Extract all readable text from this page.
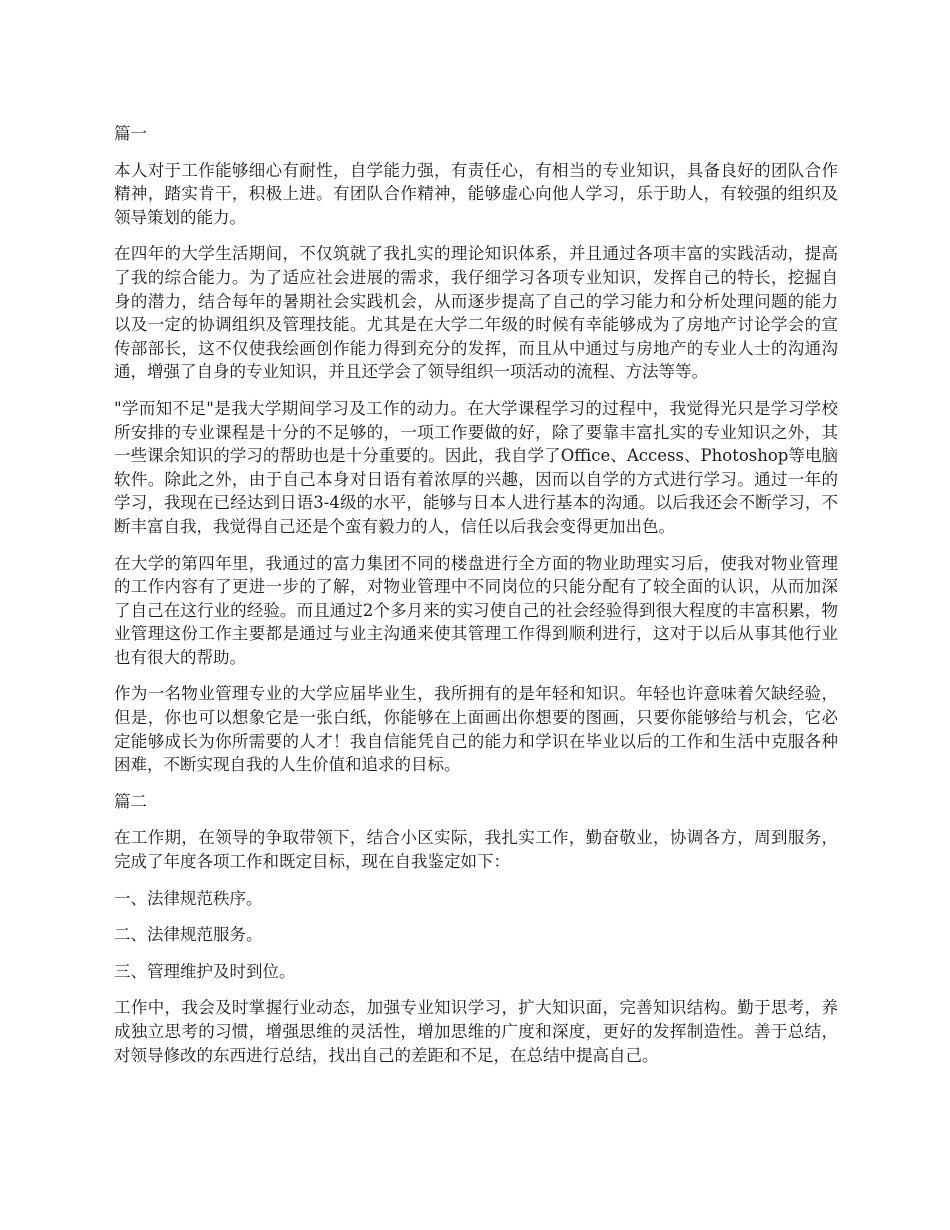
篇一

本人对于工作能够细心有耐性，自学能力强，有责任心，有相当的专业知识，具备良好的团队合作精神，踏实肯干，积极上进。有团队合作精神，能够虚心向他人学习，乐于助人，有较强的组织及领导策划的能力。

在四年的大学生活期间，不仅筑就了我扎实的理论知识体系，并且通过各项丰富的实践活动，提高了我的综合能力。为了适应社会进展的需求，我仔细学习各项专业知识，发挥自己的特长，挖掘自身的潜力，结合每年的暑期社会实践机会，从而逐步提高了自己的学习能力和分析处理问题的能力以及一定的协调组织及管理技能。尤其是在大学二年级的时候有幸能够成为了房地产讨论学会的宣传部部长，这不仅使我绘画创作能力得到充分的发挥，而且从中通过与房地产的专业人士的沟通沟通，增强了自身的专业知识，并且还学会了领导组织一项活动的流程、方法等等。

"学而知不足"是我大学期间学习及工作的动力。在大学课程学习的过程中，我觉得光只是学习学校所安排的专业课程是十分的不足够的，一项工作要做的好，除了要靠丰富扎实的专业知识之外，其一些课余知识的学习的帮助也是十分重要的。因此，我自学了Office、Access、Photoshop等电脑软件。除此之外，由于自己本身对日语有着浓厚的兴趣，因而以自学的方式进行学习。通过一年的学习，我现在已经达到日语3-4级的水平，能够与日本人进行基本的沟通。以后我还会不断学习，不断丰富自我，我觉得自己还是个蛮有毅力的人，信任以后我会变得更加出色。

在大学的第四年里，我通过的富力集团不同的楼盘进行全方面的物业助理实习后，使我对物业管理的工作内容有了更进一步的了解，对物业管理中不同岗位的只能分配有了较全面的认识，从而加深了自己在这行业的经验。而且通过2个多月来的实习使自己的社会经验得到很大程度的丰富积累，物业管理这份工作主要都是通过与业主沟通来使其管理工作得到顺利进行，这对于以后从事其他行业也有很大的帮助。

作为一名物业管理专业的大学应届毕业生，我所拥有的是年轻和知识。年轻也许意味着欠缺经验，但是，你也可以想象它是一张白纸，你能够在上面画出你想要的图画，只要你能够给与机会，它必定能够成长为你所需要的人才！我自信能凭自己的能力和学识在毕业以后的工作和生活中克服各种困难，不断实现自我的人生价值和追求的目标。

篇二

在工作期，在领导的争取带领下，结合小区实际，我扎实工作，勤奋敬业，协调各方，周到服务，完成了年度各项工作和既定目标，现在自我鉴定如下：

一、法律规范秩序。

二、法律规范服务。

三、管理维护及时到位。

工作中，我会及时掌握行业动态，加强专业知识学习，扩大知识面，完善知识结构。勤于思考，养成独立思考的习惯，增强思维的灵活性，增加思维的广度和深度，更好的发挥制造性。善于总结，对领导修改的东西进行总结，找出自己的差距和不足，在总结中提高自己。
